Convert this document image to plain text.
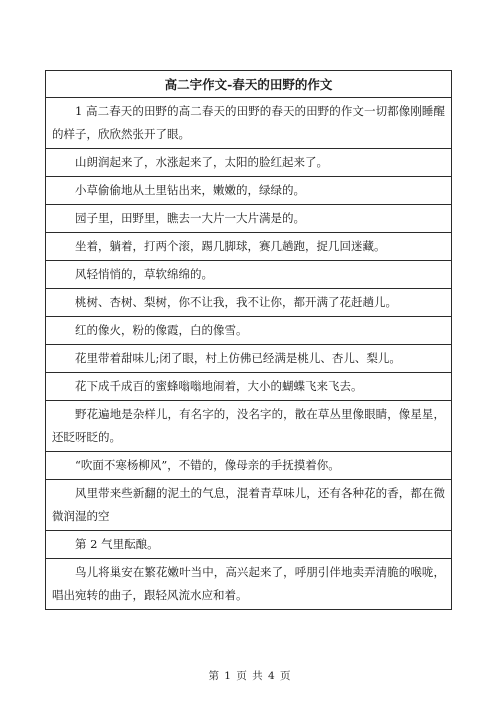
高二宇作文-春天的田野的作文
1 高二春天的田野的高二春天的田野的春天的田野的作文一切都像刚睡醒的样子，欣欣然张开了眼。
山朗润起来了，水涨起来了，太阳的脸红起来了。
小草偷偷地从土里钻出来，嫩嫩的，绿绿的。
园子里，田野里，瞧去一大片一大片满是的。
坐着，躺着，打两个滚，踢几脚球，赛几趟跑，捉几回迷藏。
风轻悄悄的，草软绵绵的。
桃树、杏树、梨树，你不让我，我不让你，都开满了花赶趟儿。
红的像火，粉的像霞，白的像雪。
花里带着甜味儿;闭了眼，村上仿佛已经满是桃儿、杏儿、梨儿。
花下成千成百的蜜蜂嗡嗡地闹着，大小的蝴蝶飞来飞去。
野花遍地是杂样儿，有名字的，没名字的，散在草丛里像眼睛，像星星，还眨呀眨的。
“吹面不寒杨柳风”，不错的，像母亲的手抚摸着你。
风里带来些新翻的泥土的气息，混着青草味儿，还有各种花的香，都在微微润湿的空
第 2 气里酝酿。
鸟儿将巢安在繁花嫩叶当中，高兴起来了，呼朋引伴地卖弄清脆的喉咙，唱出宛转的曲子，跟轻风流水应和着。
第 1 页 共 4 页
